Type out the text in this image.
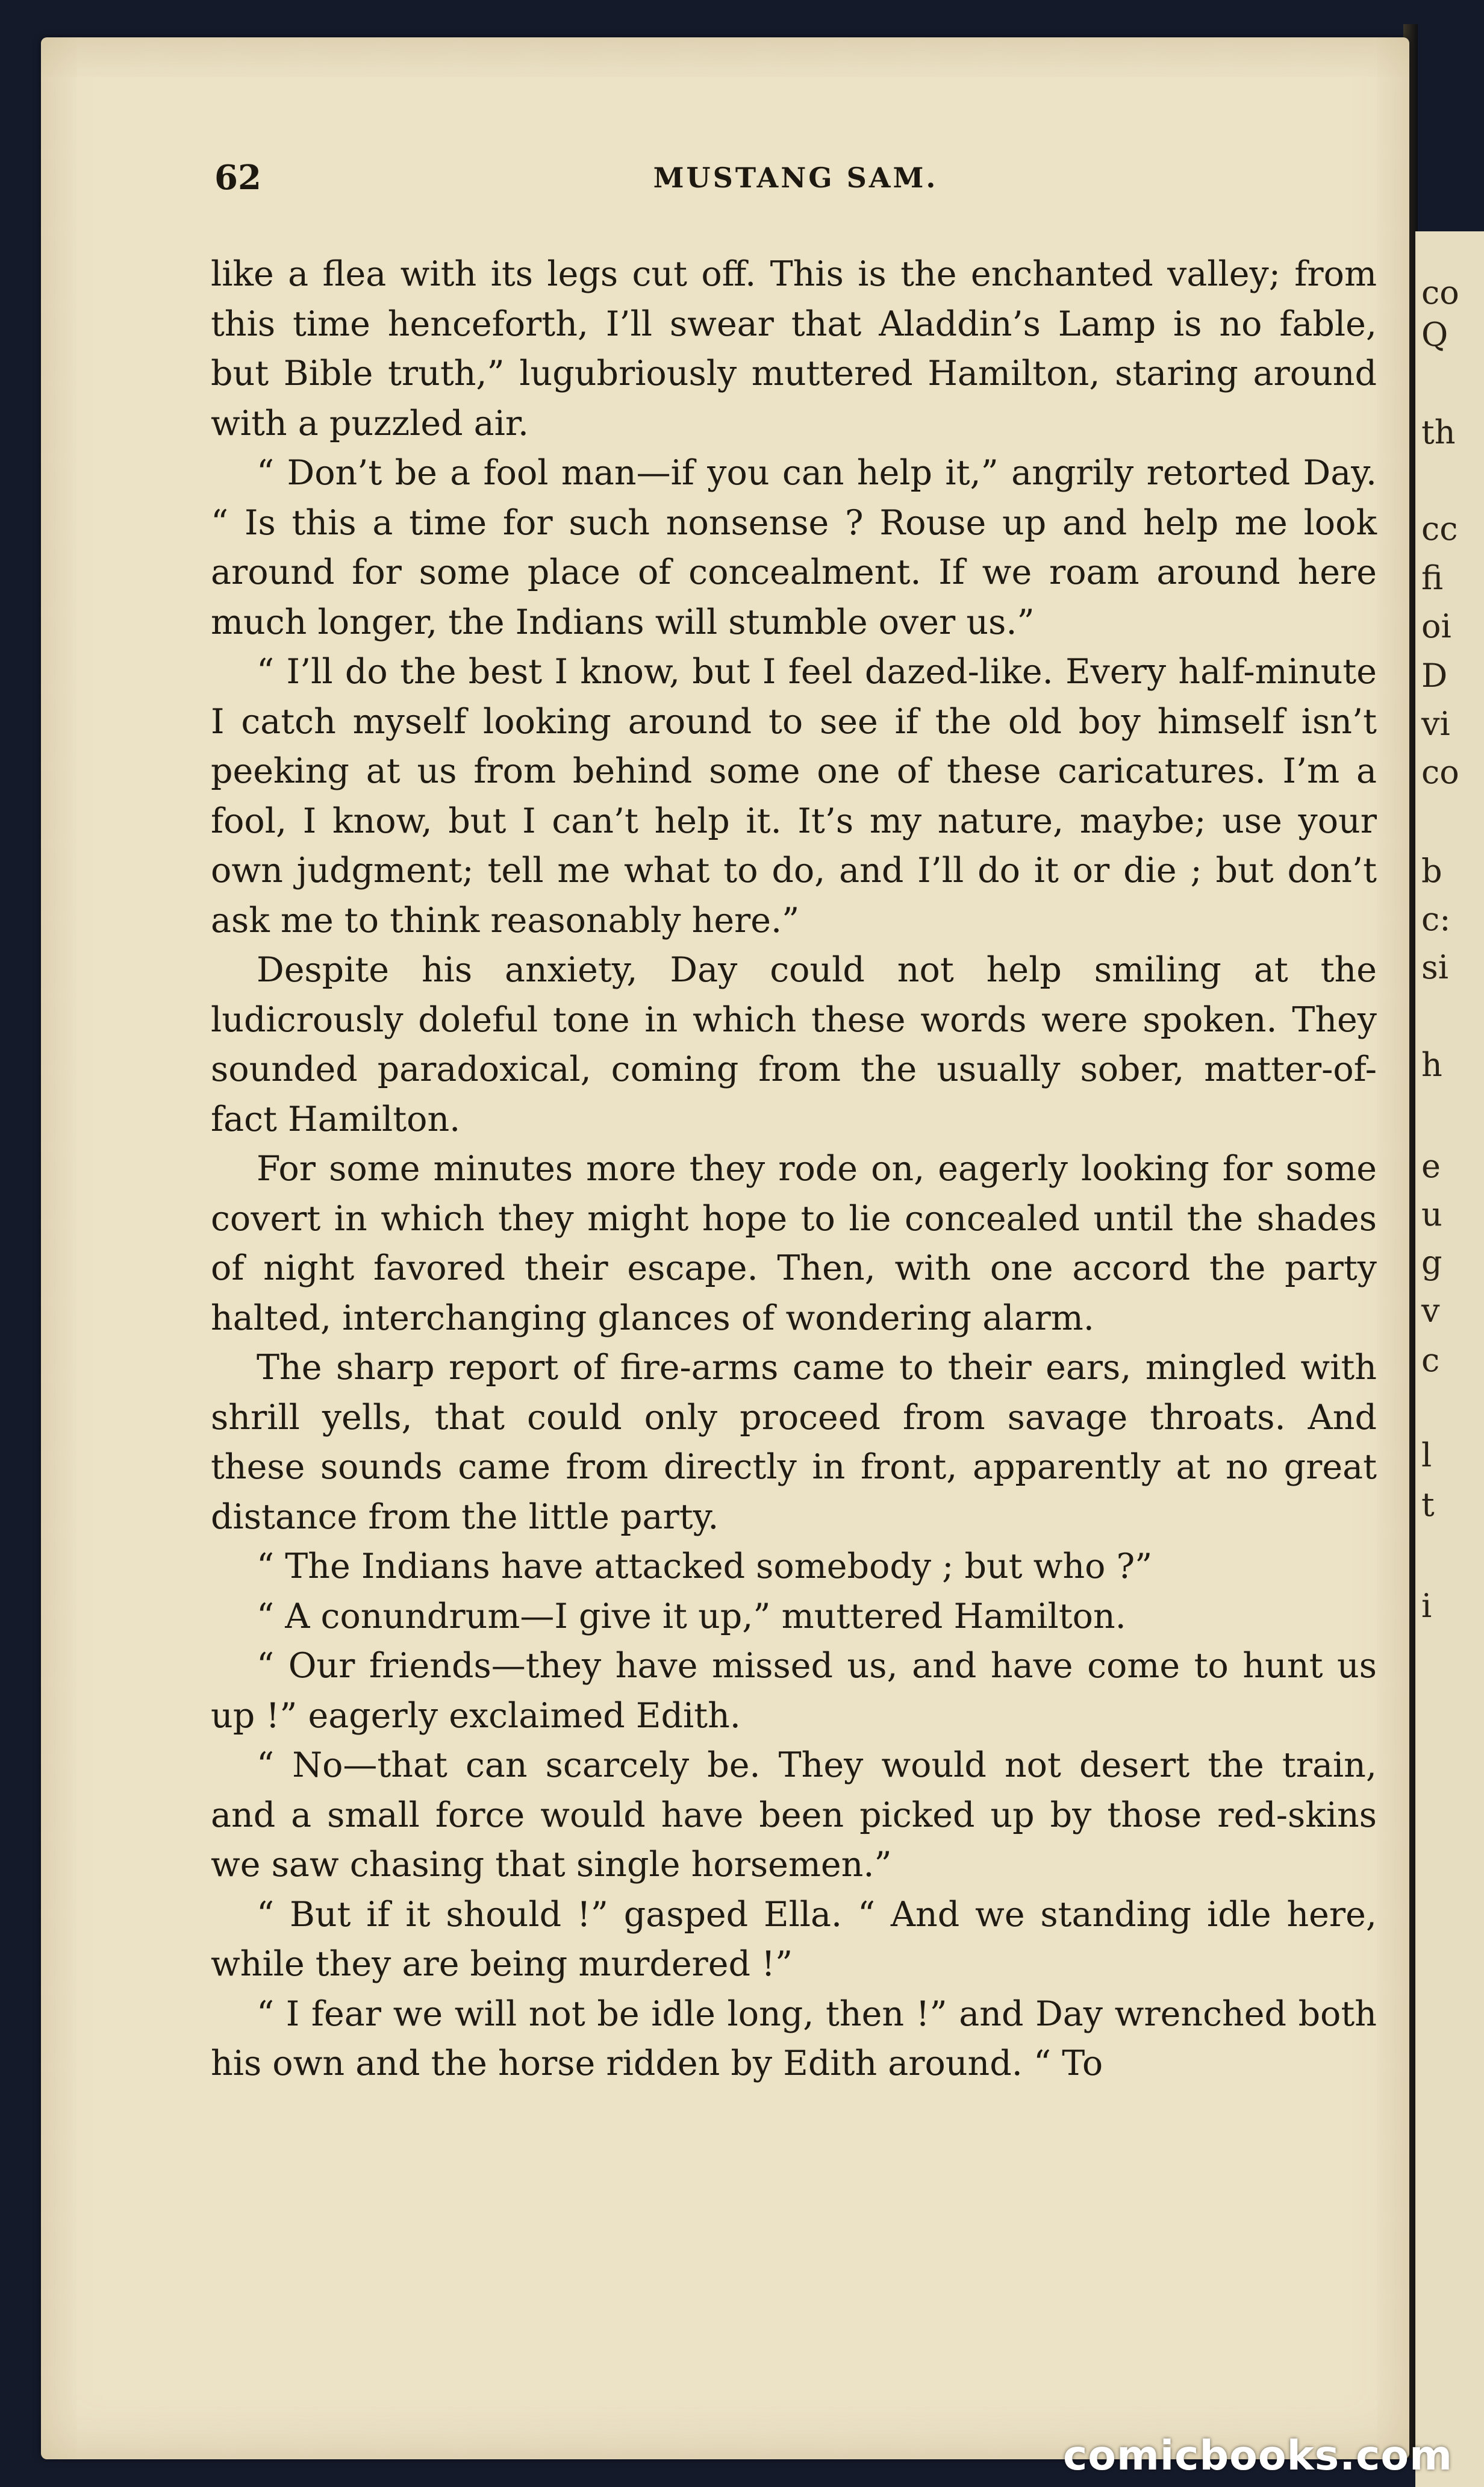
co
Q
th
cc
fi
oi
D
vi
co
b
c:
si
h
e
u
g
v
c
l
t
i
62	MUSTANG SAM.

like a flea with its legs cut off. This is the enchanted valley; from this time henceforth, I’ll swear that Aladdin’s Lamp is no fable, but Bible truth,” lugubriously muttered Hamilton, staring around with a puzzled air.

“ Don’t be a fool man—if you can help it,” angrily retorted Day. “ Is this a time for such nonsense ? Rouse up and help me look around for some place of concealment. If we roam around here much longer, the Indians will stumble over us.”

“ I’ll do the best I know, but I feel dazed-like. Every half-minute I catch myself looking around to see if the old boy himself isn’t peeking at us from behind some one of these caricatures. I’m a fool, I know, but I can’t help it. It’s my nature, maybe; use your own judgment; tell me what to do, and I’ll do it or die ; but don’t ask me to think reasonably here.”

Despite his anxiety, Day could not help smiling at the ludicrously doleful tone in which these words were spoken. They sounded paradoxical, coming from the usually sober, matter-of-fact Hamilton.

For some minutes more they rode on, eagerly looking for some covert in which they might hope to lie concealed until the shades of night favored their escape. Then, with one accord the party halted, interchanging glances of wondering alarm.

The sharp report of fire-arms came to their ears, mingled with shrill yells, that could only proceed from savage throats. And these sounds came from directly in front, apparently at no great distance from the little party.

“ The Indians have attacked somebody ; but who ?”

“ A conundrum—I give it up,” muttered Hamilton.

“ Our friends—they have missed us, and have come to hunt us up !” eagerly exclaimed Edith.

“ No—that can scarcely be. They would not desert the train, and a small force would have been picked up by those red-skins we saw chasing that single horsemen.”

“ But if it should !” gasped Ella. “ And we standing idle here, while they are being murdered !”

“ I fear we will not be idle long, then !” and Day wrenched both his own and the horse ridden by Edith around. “ To

comicbooks.com
